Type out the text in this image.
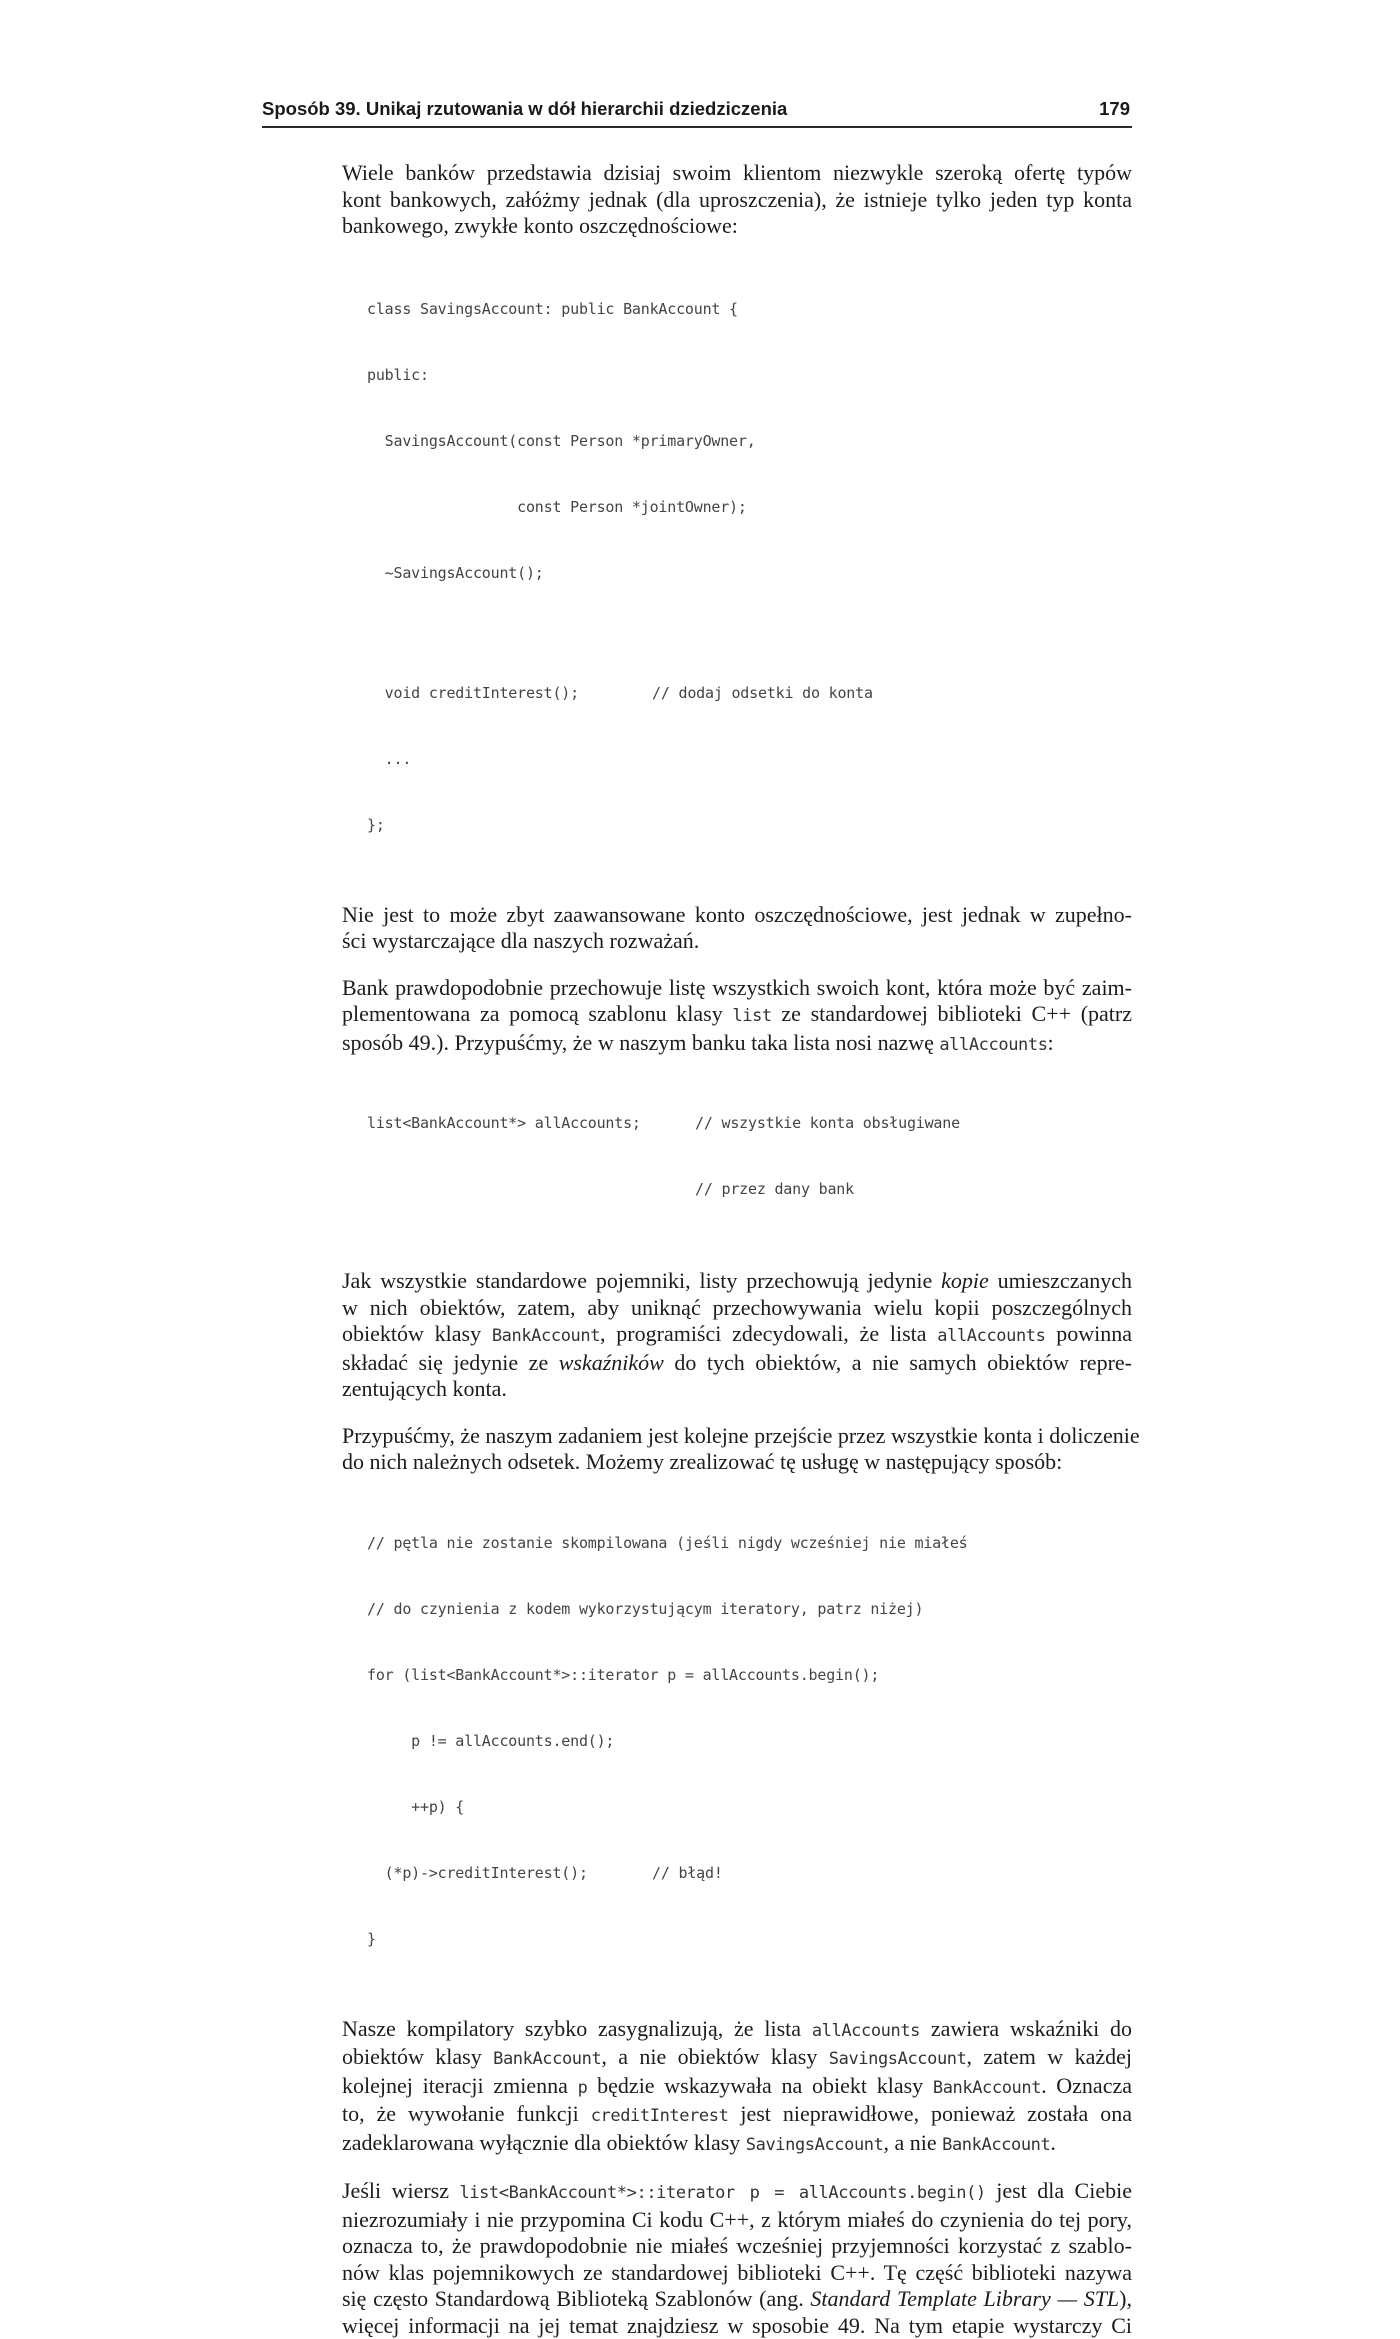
Sposób 39. Unikaj rzutowania w dół hierarchii dziedziczenia	179

Wiele banków przedstawia dzisiaj swoim klientom niezwykle szeroką ofertę typów
kont bankowych, załóżmy jednak (dla uproszczenia), że istnieje tylko jeden typ konta
bankowego, zwykłe konto oszczędnościowe:

class SavingsAccount: public BankAccount {

public:

SavingsAccount(const Person *primaryOwner,

const Person *jointOwner);

~SavingsAccount();

void creditInterest();	// dodaj odsetki do konta

...

};

Nie jest to może zbyt zaawansowane konto oszczędnościowe, jest jednak w zupełno-
ści wystarczające dla naszych rozważań.

Bank prawdopodobnie przechowuje listę wszystkich swoich kont, która może być zaim-
plementowana za pomocą szablonu klasy list ze standardowej biblioteki C++ (patrz
sposób 49.). Przypuśćmy, że w naszym banku taka lista nosi nazwę allAccounts:

list<BankAccount*> allAccounts;	// wszystkie konta obsługiwane

// przez dany bank

Jak wszystkie standardowe pojemniki, listy przechowują jedynie kopie umieszczanych
w nich obiektów, zatem, aby uniknąć przechowywania wielu kopii poszczególnych
obiektów klasy BankAccount, programiści zdecydowali, że lista allAccounts powinna
składać się jedynie ze wskaźników do tych obiektów, a nie samych obiektów repre-
zentujących konta.

Przypuśćmy, że naszym zadaniem jest kolejne przejście przez wszystkie konta i doliczenie
do nich należnych odsetek. Możemy zrealizować tę usługę w następujący sposób:

// pętla nie zostanie skompilowana (jeśli nigdy wcześniej nie miałeś

// do czynienia z kodem wykorzystującym iteratory, patrz niżej)

for (list<BankAccount*>::iterator p = allAccounts.begin();

p != allAccounts.end();

++p) {

(*p)->creditInterest();	// błąd!

}

Nasze kompilatory szybko zasygnalizują, że lista allAccounts zawiera wskaźniki do
obiektów klasy BankAccount, a nie obiektów klasy SavingsAccount, zatem w każdej
kolejnej iteracji zmienna p będzie wskazywała na obiekt klasy BankAccount. Oznacza
to, że wywołanie funkcji creditInterest jest nieprawidłowe, ponieważ została ona
zadeklarowana wyłącznie dla obiektów klasy SavingsAccount, a nie BankAccount.

Jeśli wiersz list<BankAccount*>::iterator p = allAccounts.begin() jest dla Ciebie
niezrozumiały i nie przypomina Ci kodu C++, z którym miałeś do czynienia do tej pory,
oznacza to, że prawdopodobnie nie miałeś wcześniej przyjemności korzystać z szablo-
nów klas pojemnikowych ze standardowej biblioteki C++. Tę część biblioteki nazywa
się często Standardową Biblioteką Szablonów (ang. Standard Template Library — STL),
więcej informacji na jej temat znajdziesz w sposobie 49. Na tym etapie wystarczy Ci
